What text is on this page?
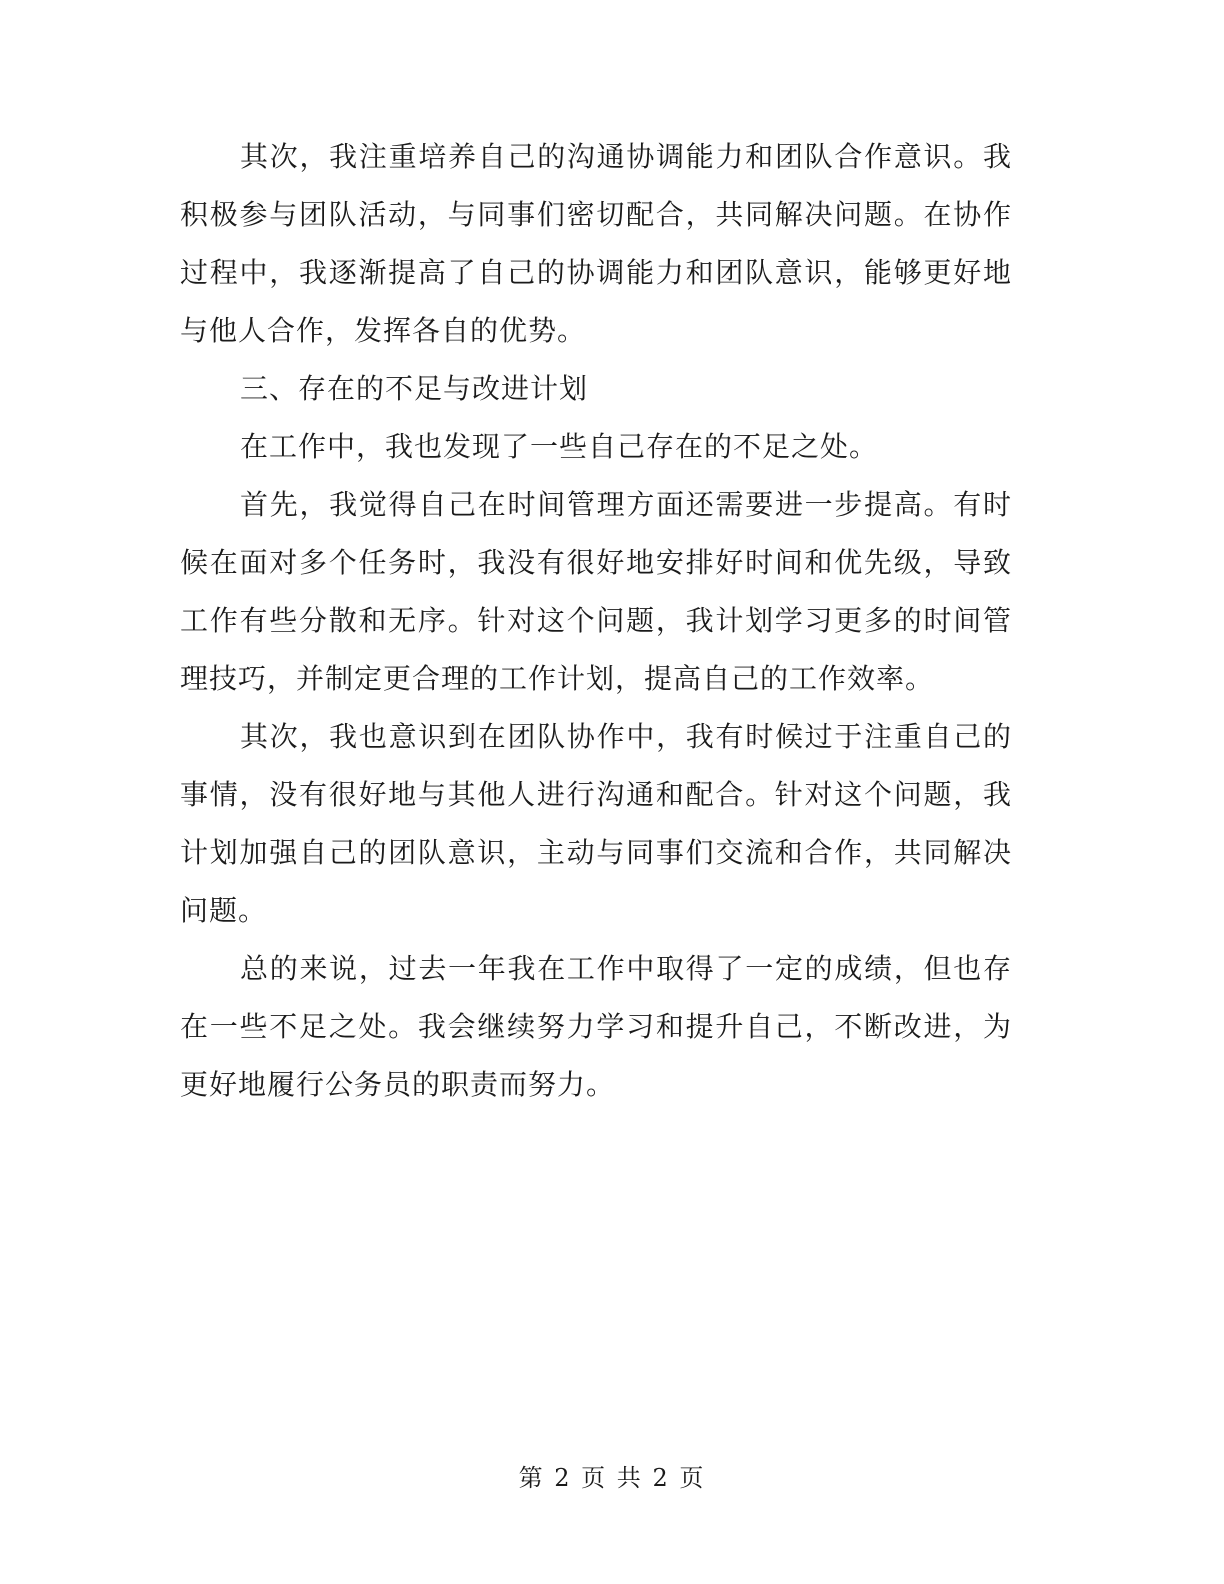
其次，我注重培养自己的沟通协调能力和团队合作意识。我积极参与团队活动，与同事们密切配合，共同解决问题。在协作过程中，我逐渐提高了自己的协调能力和团队意识，能够更好地与他人合作，发挥各自的优势。

三、存在的不足与改进计划

在工作中，我也发现了一些自己存在的不足之处。

首先，我觉得自己在时间管理方面还需要进一步提高。有时候在面对多个任务时，我没有很好地安排好时间和优先级，导致工作有些分散和无序。针对这个问题，我计划学习更多的时间管理技巧，并制定更合理的工作计划，提高自己的工作效率。

其次，我也意识到在团队协作中，我有时候过于注重自己的事情，没有很好地与其他人进行沟通和配合。针对这个问题，我计划加强自己的团队意识，主动与同事们交流和合作，共同解决问题。

总的来说，过去一年我在工作中取得了一定的成绩，但也存在一些不足之处。我会继续努力学习和提升自己，不断改进，为更好地履行公务员的职责而努力。

第 2 页 共 2 页
